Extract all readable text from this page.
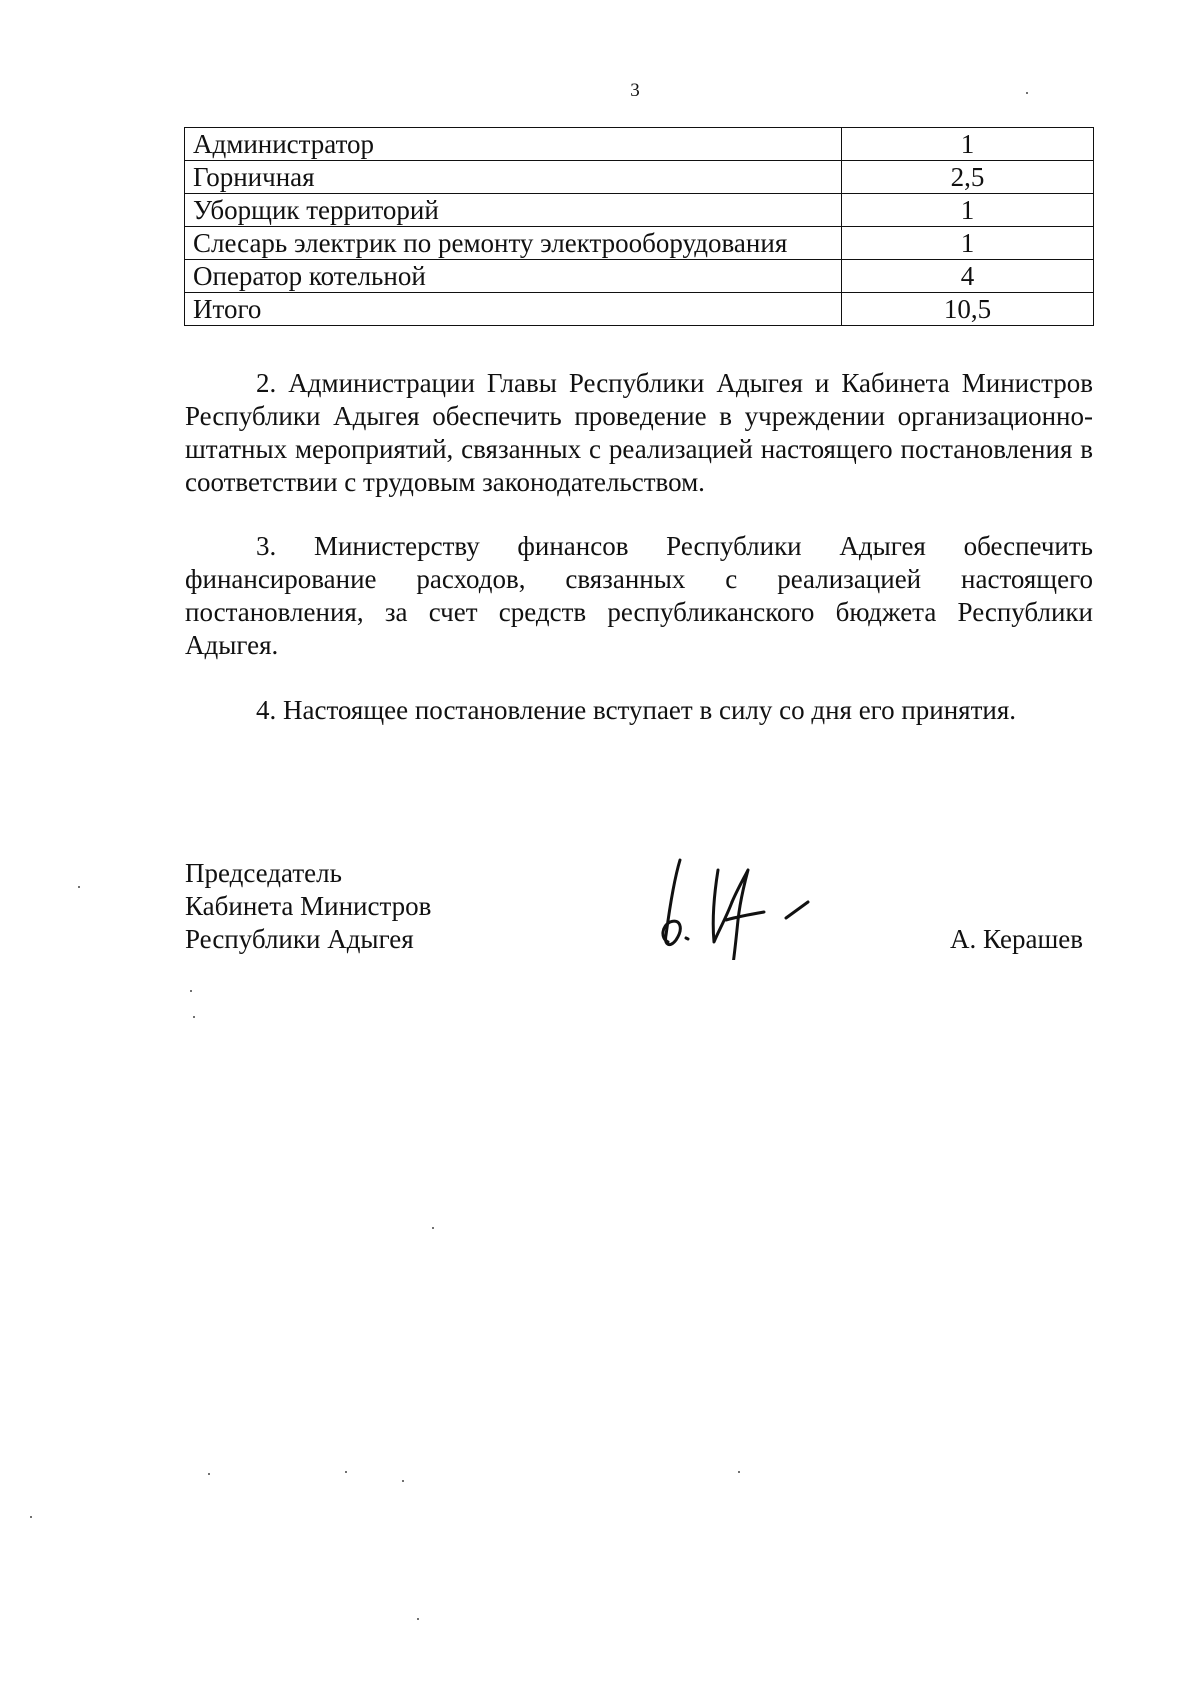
3
Администратор	1
Горничная	2,5
Уборщик территорий	1
Слесарь электрик по ремонту электрооборудования	1
Оператор котельной	4
Итого	10,5

2. Администрации Главы Республики Адыгея и Кабинета Министров Республики Адыгея обеспечить проведение в учреждении организационно-штатных мероприятий, связанных с реализацией настоящего постановления в соответствии с трудовым законодательством.

3. Министерству финансов Республики Адыгея обеспечить финансирование расходов, связанных с реализацией настоящего постановления, за счет средств республиканского бюджета Республики Адыгея.

4. Настоящее постановление вступает в силу со дня его принятия.

Председатель
Кабинета Министров
Республики Адыгея	А. Керашев
